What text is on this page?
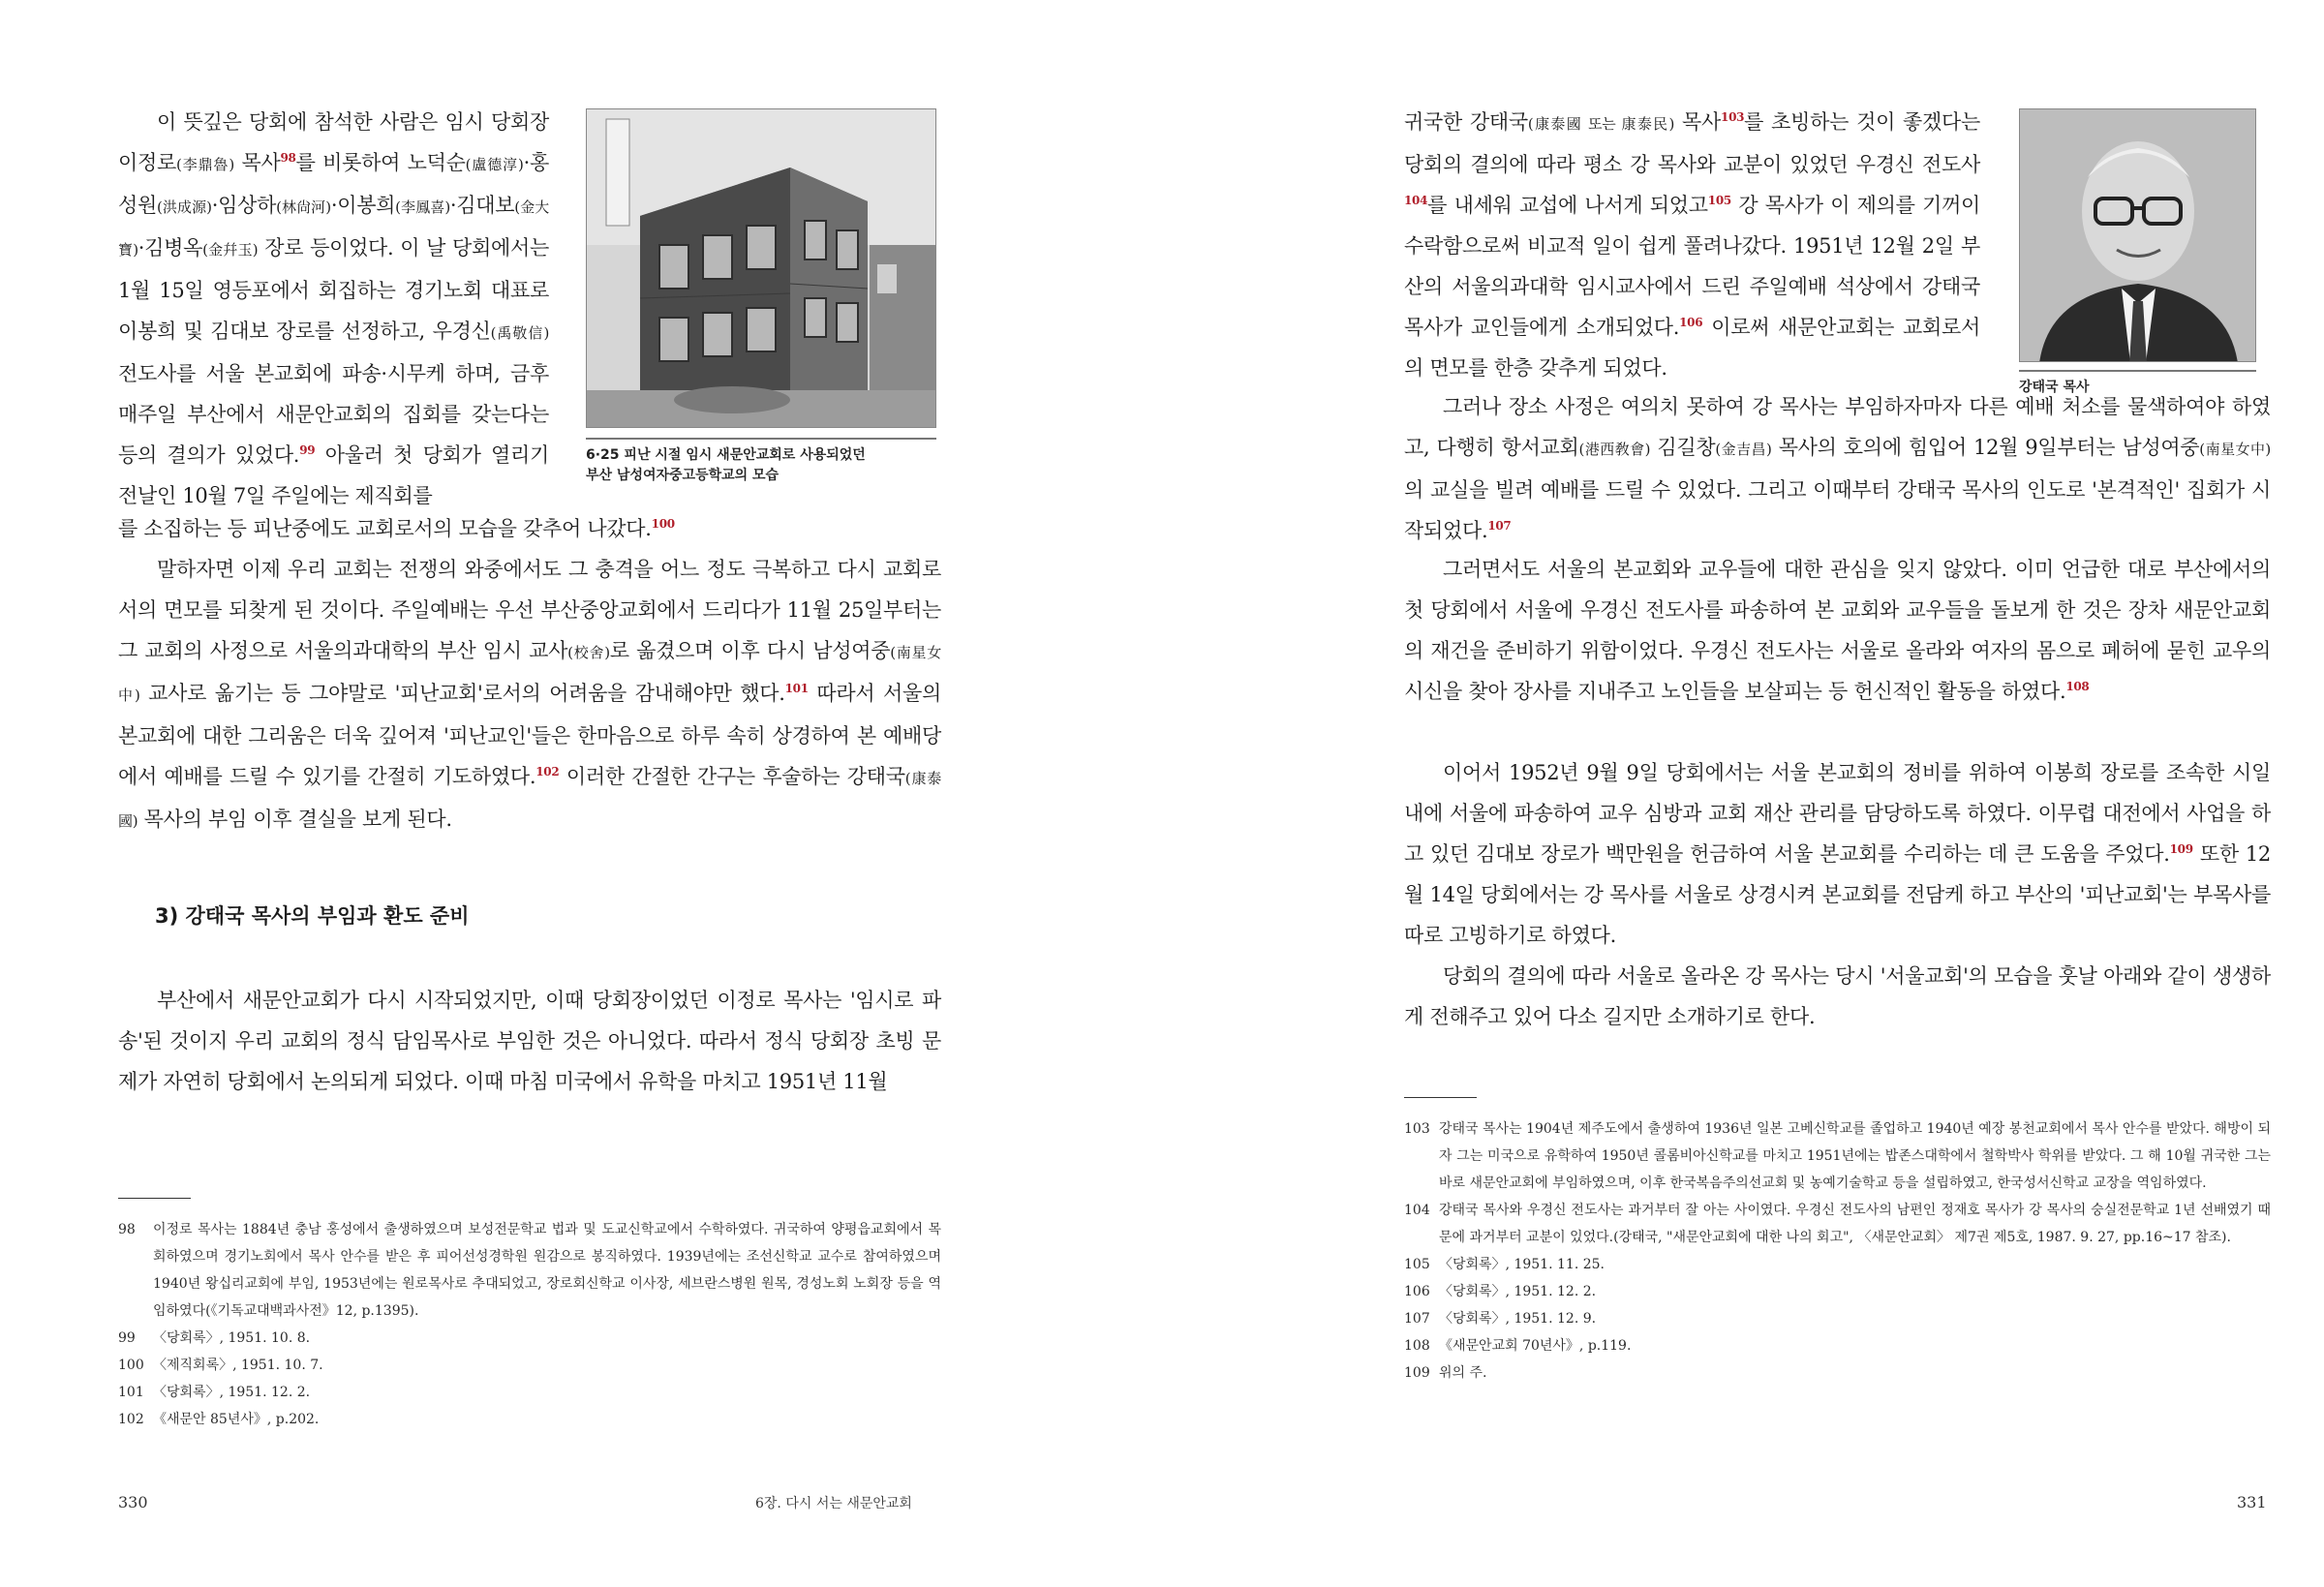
이 뜻깊은 당회에 참석한 사람은 임시 당회장 이정로(李鼎魯) 목사$^{98}$를 비롯하여 노덕순(盧德淳)·홍성원(洪成源)·임상하(林尙河)·이봉희(李鳳喜)·김대보(金大寶)·김병옥(金幷玉) 장로 등이었다. 이 날 당회에서는 1월 15일 영등포에서 회집하는 경기노회 대표로 이봉희 및 김대보 장로를 선정하고, 우경신(禹敬信) 전도사를 서울 본교회에 파송·시무케 하며, 금후 매주일 부산에서 새문안교회의 집회를 갖는다는 등의 결의가 있었다.$^{99}$ 아울러 첫 당회가 열리기 전날인 10월 7일 주일에는 제직회를
를 소집하는 등 피난중에도 교회로서의 모습을 갖추어 나갔다.$^{100}$
6·25 피난 시절 임시 새문안교회로 사용되었던
부산 남성여자중고등학교의 모습
말하자면 이제 우리 교회는 전쟁의 와중에서도 그 충격을 어느 정도 극복하고 다시 교회로서의 면모를 되찾게 된 것이다. 주일예배는 우선 부산중앙교회에서 드리다가 11월 25일부터는 그 교회의 사정으로 서울의과대학의 부산 임시 교사(校舍)로 옮겼으며 이후 다시 남성여중(南星女中) 교사로 옮기는 등 그야말로 '피난교회'로서의 어려움을 감내해야만 했다.$^{101}$ 따라서 서울의 본교회에 대한 그리움은 더욱 깊어져 '피난교인'들은 한마음으로 하루 속히 상경하여 본 예배당에서 예배를 드릴 수 있기를 간절히 기도하였다.$^{102}$ 이러한 간절한 간구는 후술하는 강태국(康泰國) 목사의 부임 이후 결실을 보게 된다.
3) 강태국 목사의 부임과 환도 준비
부산에서 새문안교회가 다시 시작되었지만, 이때 당회장이었던 이정로 목사는 '임시로 파송'된 것이지 우리 교회의 정식 담임목사로 부임한 것은 아니었다. 따라서 정식 당회장 초빙 문제가 자연히 당회에서 논의되게 되었다. 이때 마침 미국에서 유학을 마치고 1951년 11월
98	이정로 목사는 1884년 충남 홍성에서 출생하였으며 보성전문학교 법과 및 도교신학교에서 수학하였다. 귀국하여 양평읍교회에서 목회하였으며 경기노회에서 목사 안수를 받은 후 피어선성경학원 원감으로 봉직하였다. 1939년에는 조선신학교 교수로 참여하였으며 1940년 왕십리교회에 부임, 1953년에는 원로목사로 추대되었고, 장로회신학교 이사장, 세브란스병원 원목, 경성노회 노회장 등을 역임하였다(《기독교대백과사전》12, p.1395).
99	〈당회록〉, 1951. 10. 8.
100 〈제직회록〉, 1951. 10. 7.
101 〈당회록〉, 1951. 12. 2.
102 《새문안 85년사》, p.202.
330	6장. 다시 서는 새문안교회
귀국한 강태국(康泰國 또는 康泰民) 목사$^{103}$를 초빙하는 것이 좋겠다는 당회의 결의에 따라 평소 강 목사와 교분이 있었던 우경신 전도사$^{104}$를 내세워 교섭에 나서게 되었고$^{105}$ 강 목사가 이 제의를 기꺼이 수락함으로써 비교적 일이 쉽게 풀려나갔다. 1951년 12월 2일 부산의 서울의과대학 임시교사에서 드린 주일예배 석상에서 강태국 목사가 교인들에게 소개되었다.$^{106}$ 이로써 새문안교회는 교회로서의 면모를 한층 갖추게 되었다.
강태국 목사
그러나 장소 사정은 여의치 못하여 강 목사는 부임하자마자 다른 예배 처소를 물색하여야 하였고, 다행히 항서교회(港西敎會) 김길창(金吉昌) 목사의 호의에 힘입어 12월 9일부터는 남성여중(南星女中)의 교실을 빌려 예배를 드릴 수 있었다. 그리고 이때부터 강태국 목사의 인도로 '본격적인' 집회가 시작되었다.$^{107}$
그러면서도 서울의 본교회와 교우들에 대한 관심을 잊지 않았다. 이미 언급한 대로 부산에서의 첫 당회에서 서울에 우경신 전도사를 파송하여 본 교회와 교우들을 돌보게 한 것은 장차 새문안교회의 재건을 준비하기 위함이었다. 우경신 전도사는 서울로 올라와 여자의 몸으로 폐허에 묻힌 교우의 시신을 찾아 장사를 지내주고 노인들을 보살피는 등 헌신적인 활동을 하였다.$^{108}$
이어서 1952년 9월 9일 당회에서는 서울 본교회의 정비를 위하여 이봉희 장로를 조속한 시일 내에 서울에 파송하여 교우 심방과 교회 재산 관리를 담당하도록 하였다. 이무렵 대전에서 사업을 하고 있던 김대보 장로가 백만원을 헌금하여 서울 본교회를 수리하는 데 큰 도움을 주었다.$^{109}$ 또한 12월 14일 당회에서는 강 목사를 서울로 상경시켜 본교회를 전담케 하고 부산의 '피난교회'는 부목사를 따로 고빙하기로 하였다.
당회의 결의에 따라 서울로 올라온 강 목사는 당시 '서울교회'의 모습을 훗날 아래와 같이 생생하게 전해주고 있어 다소 길지만 소개하기로 한다.
103 강태국 목사는 1904년 제주도에서 출생하여 1936년 일본 고베신학교를 졸업하고 1940년 예장 봉천교회에서 목사 안수를 받았다. 해방이 되자 그는 미국으로 유학하여 1950년 콜롬비아신학교를 마치고 1951년에는 밥존스대학에서 철학박사 학위를 받았다. 그 해 10월 귀국한 그는 바로 새문안교회에 부임하였으며, 이후 한국복음주의선교회 및 농예기술학교 등을 설립하였고, 한국성서신학교 교장을 역임하였다.
104 강태국 목사와 우경신 전도사는 과거부터 잘 아는 사이였다. 우경신 전도사의 남편인 정재호 목사가 강 목사의 숭실전문학교 1년 선배였기 때문에 과거부터 교분이 있었다.(강태국, "새문안교회에 대한 나의 회고", 〈새문안교회〉 제7권 제5호, 1987. 9. 27, pp.16~17 참조).
105 〈당회록〉, 1951. 11. 25.
106 〈당회록〉, 1951. 12. 2.
107 〈당회록〉, 1951. 12. 9.
108 《새문안교회 70년사》, p.119.
109 위의 주.
331
